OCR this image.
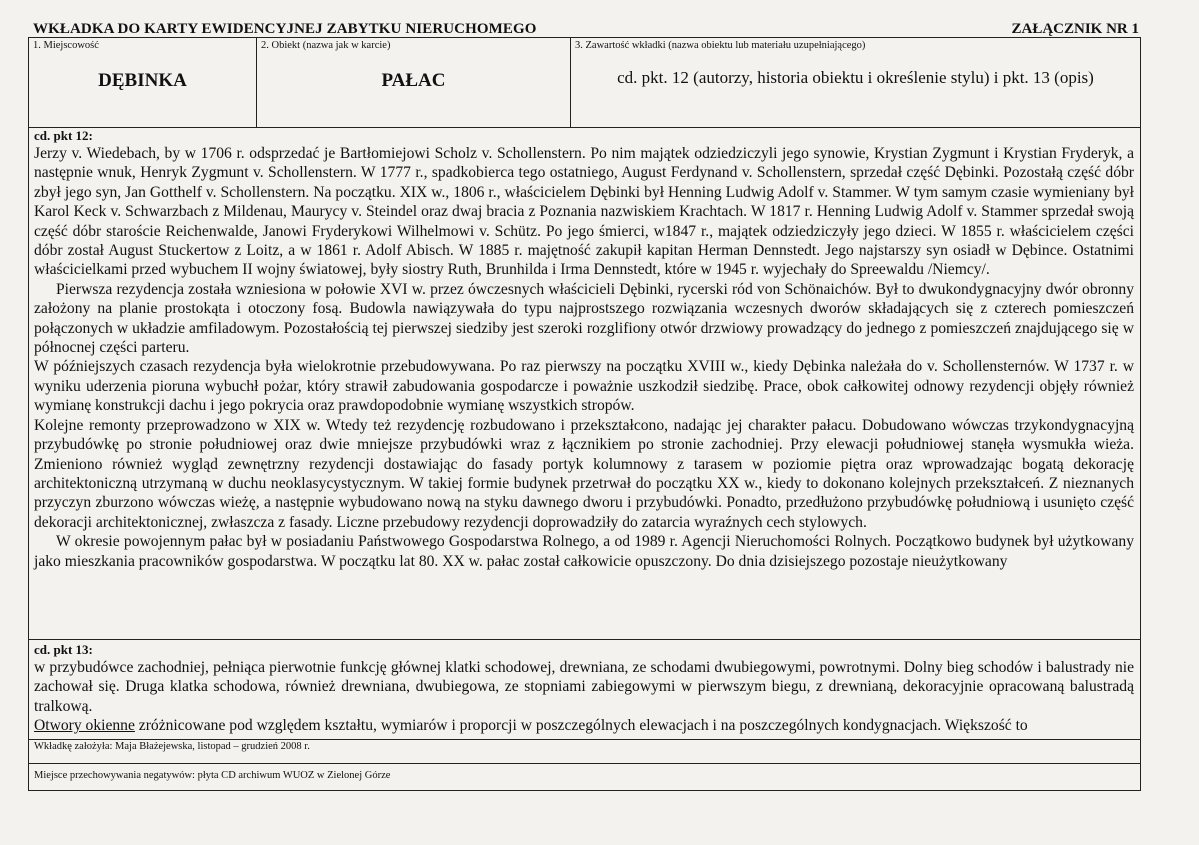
WKŁADKA DO KARTY EWIDENCYJNEJ ZABYTKU NIERUCHOMEGO	ZAŁĄCZNIK NR 1
1. Miejscowość
DĘBINKA
2. Obiekt (nazwa jak w karcie)
PAŁAC
3. Zawartość wkładki (nazwa obiektu lub materiału uzupełniającego)
cd. pkt. 12 (autorzy, historia obiektu i określenie stylu) i pkt. 13 (opis)

cd. pkt 12:

Jerzy v. Wiedebach, by w 1706 r. odsprzedać je Bartłomiejowi Scholz v. Schollenstern. Po nim majątek odziedziczyli jego synowie, Krystian Zygmunt i Krystian Fryderyk, a następnie wnuk, Henryk Zygmunt v. Schollenstern. W 1777 r., spadkobierca tego ostatniego, August Ferdynand v. Schollenstern, sprzedał część Dębinki. Pozostałą część dóbr zbył jego syn, Jan Gotthelf v. Schollenstern. Na początku. XIX w., 1806 r., właścicielem Dębinki był Henning Ludwig Adolf v. Stammer. W tym samym czasie wymieniany był Karol Keck v. Schwarzbach z Mildenau, Maurycy v. Steindel oraz dwaj bracia z Poznania nazwiskiem Krachtach. W 1817 r. Henning Ludwig Adolf v. Stammer sprzedał swoją część dóbr staroście Reichenwalde, Janowi Fryderykowi Wilhelmowi v. Schütz. Po jego śmierci, w1847 r., majątek odziedziczyły jego dzieci. W 1855 r. właścicielem części dóbr został August Stuckertow z Loitz, a w 1861 r. Adolf Abisch. W 1885 r. majętność zakupił kapitan Herman Dennstedt. Jego najstarszy syn osiadł w Dębince. Ostatnimi właścicielkami przed wybuchem II wojny światowej, były siostry Ruth, Brunhilda i Irma Dennstedt, które w 1945 r. wyjechały do Spreewaldu /Niemcy/.

Pierwsza rezydencja została wzniesiona w połowie XVI w. przez ówczesnych właścicieli Dębinki, rycerski ród von Schönaichów. Był to dwukondygnacyjny dwór obronny założony na planie prostokąta i otoczony fosą. Budowla nawiązywała do typu najprostszego rozwiązania wczesnych dworów składających się z czterech pomieszczeń połączonych w układzie amfiladowym. Pozostałością tej pierwszej siedziby jest szeroki rozglifiony otwór drzwiowy prowadzący do jednego z pomieszczeń znajdującego się w północnej części parteru.

W późniejszych czasach rezydencja była wielokrotnie przebudowywana. Po raz pierwszy na początku XVIII w., kiedy Dębinka należała do v. Schollensternów. W 1737 r. w wyniku uderzenia pioruna wybuchł pożar, który strawił zabudowania gospodarcze i poważnie uszkodził siedzibę. Prace, obok całkowitej odnowy rezydencji objęły również wymianę konstrukcji dachu i jego pokrycia oraz prawdopodobnie wymianę wszystkich stropów.

Kolejne remonty przeprowadzono w XIX w. Wtedy też rezydencję rozbudowano i przekształcono, nadając jej charakter pałacu. Dobudowano wówczas trzykondygnacyjną przybudówkę po stronie południowej oraz dwie mniejsze przybudówki wraz z łącznikiem po stronie zachodniej. Przy elewacji południowej stanęła wysmukła wieża. Zmieniono również wygląd zewnętrzny rezydencji dostawiając do fasady portyk kolumnowy z tarasem w poziomie piętra oraz wprowadzając bogatą dekorację architektoniczną utrzymaną w duchu neoklasycystycznym. W takiej formie budynek przetrwał do początku XX w., kiedy to dokonano kolejnych przekształceń. Z nieznanych przyczyn zburzono wówczas wieżę, a następnie wybudowano nową na styku dawnego dworu i przybudówki. Ponadto, przedłużono przybudówkę południową i usunięto część dekoracji architektonicznej, zwłaszcza z fasady. Liczne przebudowy rezydencji doprowadziły do zatarcia wyraźnych cech stylowych.

W okresie powojennym pałac był w posiadaniu Państwowego Gospodarstwa Rolnego, a od 1989 r. Agencji Nieruchomości Rolnych. Początkowo budynek był użytkowany jako mieszkania pracowników gospodarstwa. W początku lat 80. XX w. pałac został całkowicie opuszczony. Do dnia dzisiejszego pozostaje nieużytkowany

cd. pkt 13:

w przybudówce zachodniej, pełniąca pierwotnie funkcję głównej klatki schodowej, drewniana, ze schodami dwubiegowymi, powrotnymi. Dolny bieg schodów i balustrady nie zachował się. Druga klatka schodowa, również drewniana, dwubiegowa, ze stopniami zabiegowymi w pierwszym biegu, z drewnianą, dekoracyjnie opracowaną balustradą tralkową.

Otwory okienne zróżnicowane pod względem kształtu, wymiarów i proporcji w poszczególnych elewacjach i na poszczególnych kondygnacjach. Większość to

Wkładkę założyła: Maja Błażejewska, listopad – grudzień 2008 r.
Miejsce przechowywania negatywów: płyta CD archiwum WUOZ w Zielonej Górze
